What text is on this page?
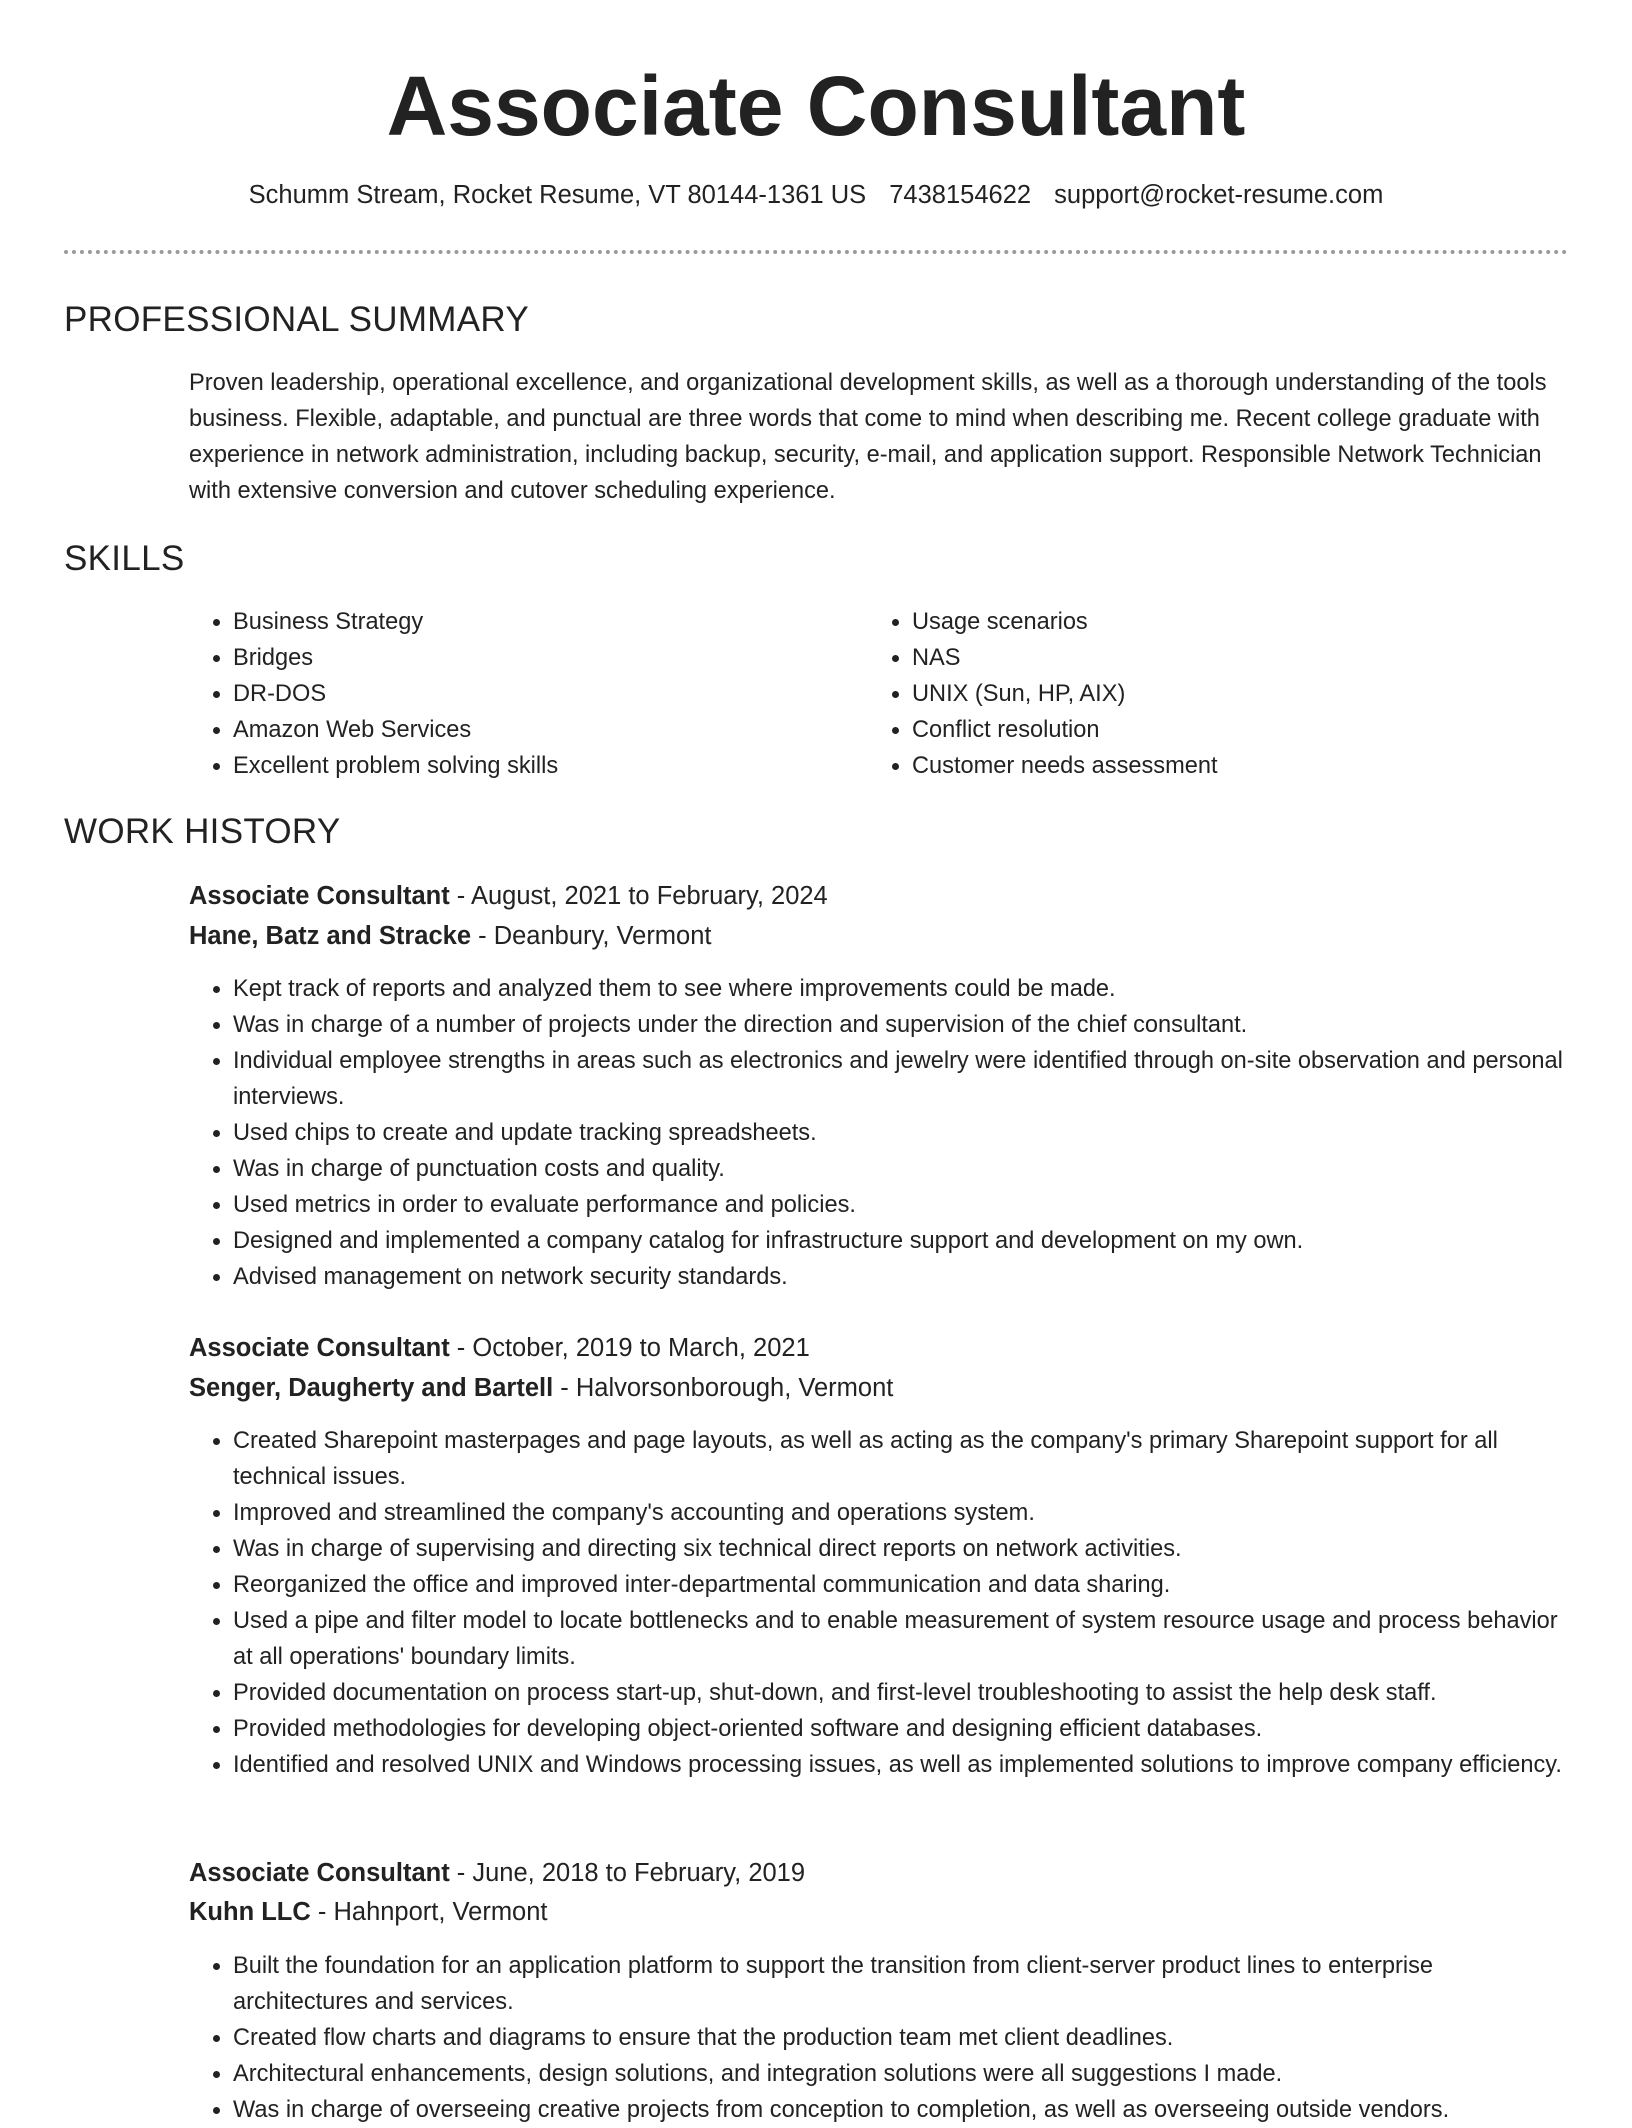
Associate Consultant
Schumm Stream, Rocket Resume, VT 80144-1361 US 7438154622 support@rocket-resume.com
PROFESSIONAL SUMMARY

Proven leadership, operational excellence, and organizational development skills, as well as a thorough understanding of the tools business. Flexible, adaptable, and punctual are three words that come to mind when describing me. Recent college graduate with experience in network administration, including backup, security, e-mail, and application support. Responsible Network Technician with extensive conversion and cutover scheduling experience.

SKILLS
• Business Strategy
• Bridges
• DR-DOS
• Amazon Web Services
• Excellent problem solving skills
• Usage scenarios
• NAS
• UNIX (Sun, HP, AIX)
• Conflict resolution
• Customer needs assessment
WORK HISTORY
Associate Consultant - August, 2021 to February, 2024
Hane, Batz and Stracke - Deanbury, Vermont
• Kept track of reports and analyzed them to see where improvements could be made.
• Was in charge of a number of projects under the direction and supervision of the chief consultant.
• Individual employee strengths in areas such as electronics and jewelry were identified through on-site observation and personal interviews.
• Used chips to create and update tracking spreadsheets.
• Was in charge of punctuation costs and quality.
• Used metrics in order to evaluate performance and policies.
• Designed and implemented a company catalog for infrastructure support and development on my own.
• Advised management on network security standards.
Associate Consultant - October, 2019 to March, 2021
Senger, Daugherty and Bartell - Halvorsonborough, Vermont
• Created Sharepoint masterpages and page layouts, as well as acting as the company's primary Sharepoint support for all technical issues.
• Improved and streamlined the company's accounting and operations system.
• Was in charge of supervising and directing six technical direct reports on network activities.
• Reorganized the office and improved inter-departmental communication and data sharing.
• Used a pipe and filter model to locate bottlenecks and to enable measurement of system resource usage and process behavior at all operations' boundary limits.
• Provided documentation on process start-up, shut-down, and first-level troubleshooting to assist the help desk staff.
• Provided methodologies for developing object-oriented software and designing efficient databases.
• Identified and resolved UNIX and Windows processing issues, as well as implemented solutions to improve company efficiency.
Associate Consultant - June, 2018 to February, 2019
Kuhn LLC - Hahnport, Vermont
• Built the foundation for an application platform to support the transition from client-server product lines to enterprise architectures and services.
• Created flow charts and diagrams to ensure that the production team met client deadlines.
• Architectural enhancements, design solutions, and integration solutions were all suggestions I made.
• Was in charge of overseeing creative projects from conception to completion, as well as overseeing outside vendors.
